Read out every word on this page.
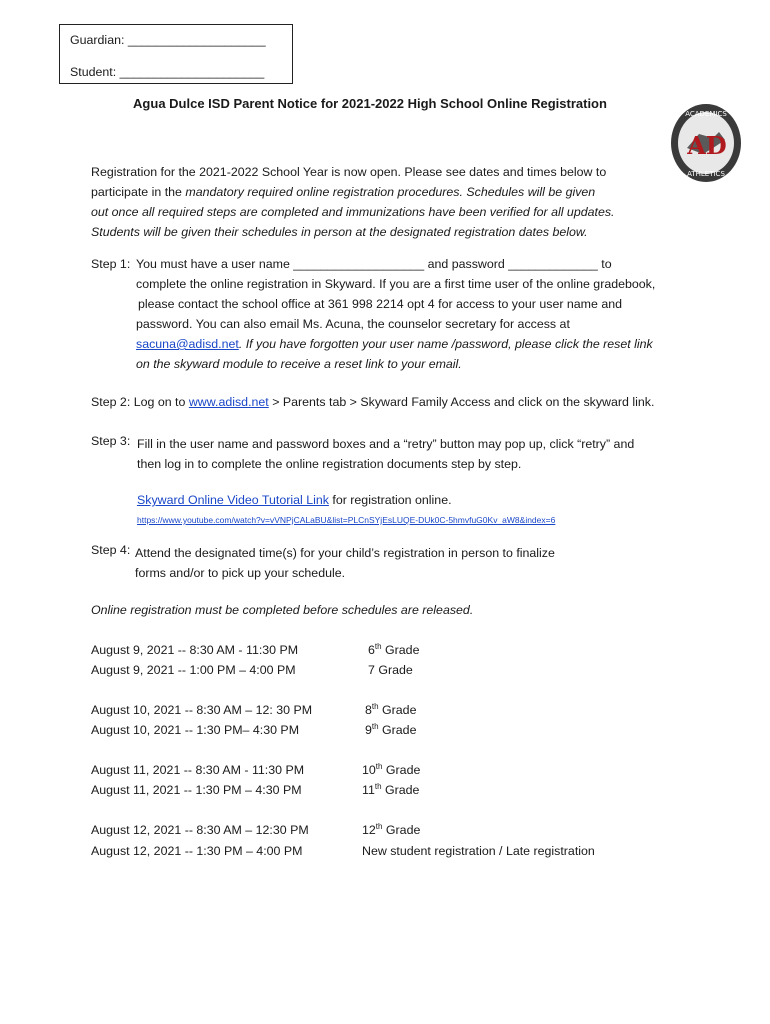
Guardian: ____________________
Student: _____________________
Agua Dulce ISD Parent Notice for 2021-2022 High School Online Registration
ACADEMICS
ATHLETICS
AD
Registration for the 2021-2022 School Year is now open. Please see dates and times below to
participate in the mandatory required online registration procedures. Schedules will be given
out once all required steps are completed and immunizations have been verified for all updates.
Students will be given their schedules in person at the designated registration dates below.
Step 1: You must have a user name ___________________ and password _____________ to
complete the online registration in Skyward. If you are a first time user of the online gradebook,
please contact the school office at 361 998 2214 opt 4 for access to your user name and
password. You can also email Ms. Acuna, the counselor secretary for access at
sacuna@adisd.net. If you have forgotten your user name /password, please click the reset link
on the skyward module to receive a reset link to your email.
Step 2: Log on to www.adisd.net > Parents tab > Skyward Family Access and click on the skyward link.
Step 3: Fill in the user name and password boxes and a “retry” button may pop up, click “retry” and
then log in to complete the online registration documents step by step.
Skyward Online Video Tutorial Link for registration online.
https://www.youtube.com/watch?v=vVNPjCALaBU&list=PLCnSYjEsLUQE-DUk0C-5hmvfuG0Kv_aW8&index=6
Step 4: Attend the designated time(s) for your child’s registration in person to finalize
forms and/or to pick up your schedule.
Online registration must be completed before schedules are released.
August 9, 2021 -- 8:30 AM - 11:30 PM	6th Grade
August 9, 2021 -- 1:00 PM – 4:00 PM	7 Grade
August 10, 2021 -- 8:30 AM – 12: 30 PM	8th Grade
August 10, 2021 -- 1:30 PM– 4:30 PM	9th Grade
August 11, 2021 -- 8:30 AM - 11:30 PM	10th Grade
August 11, 2021 -- 1:30 PM – 4:30 PM	11th Grade
August 12, 2021 -- 8:30 AM – 12:30 PM	12th Grade
August 12, 2021 -- 1:30 PM – 4:00 PM	New student registration / Late registration
